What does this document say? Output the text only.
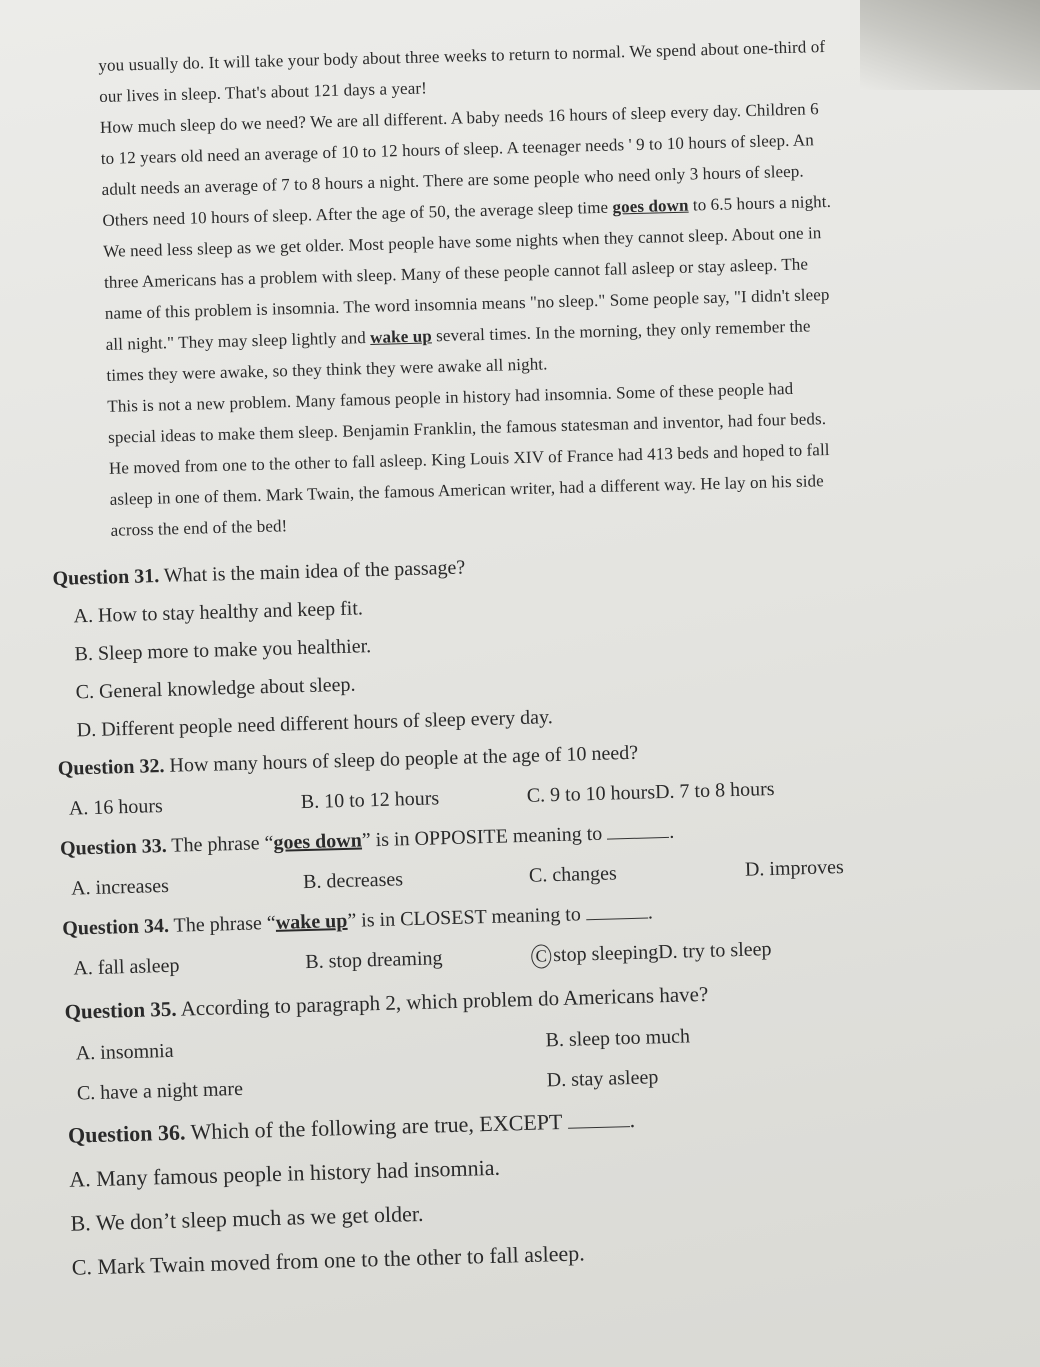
you usually do. It will take your body about three weeks to return to normal. We spend about one-third of

our lives in sleep. That's about 121 days a year!

How much sleep do we need? We are all different. A baby needs 16 hours of sleep every day. Children 6

to 12 years old need an average of 10 to 12 hours of sleep. A teenager needs ' 9 to 10 hours of sleep. An

adult needs an average of 7 to 8 hours a night. There are some people who need only 3 hours of sleep.

Others need 10 hours of sleep. After the age of 50, the average sleep time goes down to 6.5 hours a night.

We need less sleep as we get older. Most people have some nights when they cannot sleep. About one in

three Americans has a problem with sleep. Many of these people cannot fall asleep or stay asleep. The

name of this problem is insomnia. The word insomnia means "no sleep." Some people say, "I didn't sleep

all night." They may sleep lightly and wake up several times. In the morning, they only remember the

times they were awake, so they think they were awake all night.

This is not a new problem. Many famous people in history had insomnia. Some of these people had

special ideas to make them sleep. Benjamin Franklin, the famous statesman and inventor, had four beds.

He moved from one to the other to fall asleep. King Louis XIV of France had 413 beds and hoped to fall

asleep in one of them. Mark Twain, the famous American writer, had a different way. He lay on his side

across the end of the bed!

Question 31. What is the main idea of the passage?
A. How to stay healthy and keep fit.
B. Sleep more to make you healthier.
C. General knowledge about sleep.
D. Different people need different hours of sleep every day.
Question 32. How many hours of sleep do people at the age of 10 need?
A. 16 hours	B. 10 to 12 hours	C. 9 to 10 hours D. 7 to 8 hours
Question 33. The phrase “goes down” is in OPPOSITE meaning to	.
A. increases	B. decreases	C. changes	D. improves
Question 34. The phrase “wake up” is in CLOSEST meaning to	.
A. fall asleep	B. stop dreaming	Cstop sleeping D. try to sleep
Question 35. According to paragraph 2, which problem do Americans have?
A. insomnia
B. sleep too much
C. have a night mare	D. stay asleep
Question 36. Which of the following are true, EXCEPT	.
A. Many famous people in history had insomnia.
B. We don’t sleep much as we get older.
C. Mark Twain moved from one to the other to fall asleep.
